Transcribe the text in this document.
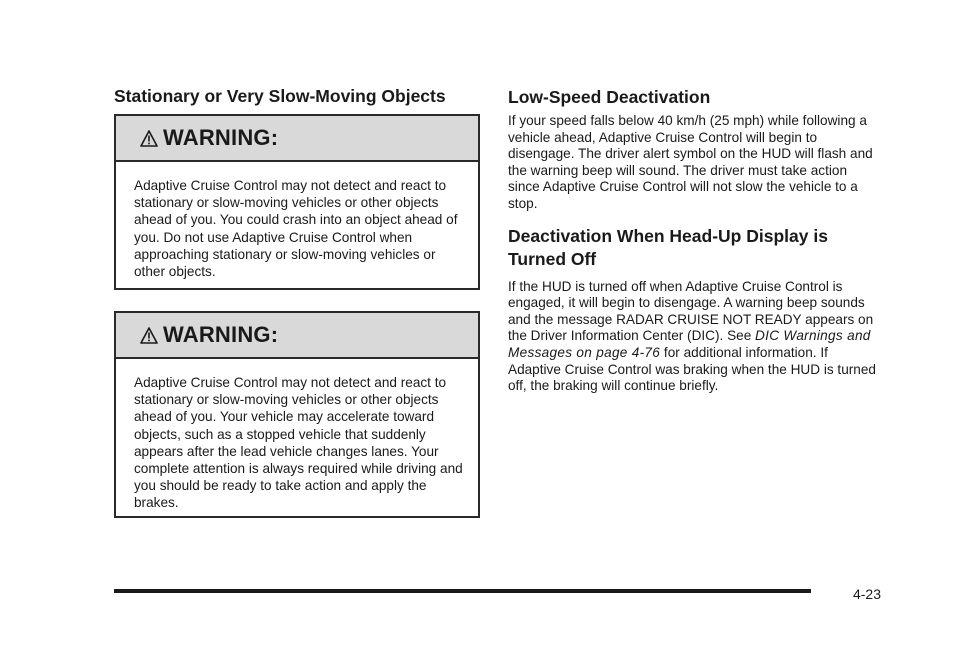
Stationary or Very Slow-Moving Objects
WARNING:
Adaptive Cruise Control may not detect and react to stationary or slow-moving vehicles or other objects ahead of you. You could crash into an object ahead of you. Do not use Adaptive Cruise Control when approaching stationary or slow-moving vehicles or other objects.
WARNING:
Adaptive Cruise Control may not detect and react to stationary or slow-moving vehicles or other objects ahead of you. Your vehicle may accelerate toward objects, such as a stopped vehicle that suddenly appears after the lead vehicle changes lanes. Your complete attention is always required while driving and you should be ready to take action and apply the brakes.
Low-Speed Deactivation

If your speed falls below 40 km/h (25 mph) while following a vehicle ahead, Adaptive Cruise Control will begin to disengage. The driver alert symbol on the HUD will flash and the warning beep will sound. The driver must take action since Adaptive Cruise Control will not slow the vehicle to a stop.

Deactivation When Head-Up Display is
Turned Off

If the HUD is turned off when Adaptive Cruise Control is engaged, it will begin to disengage. A warning beep sounds and the message RADAR CRUISE NOT READY appears on the Driver Information Center (DIC). See DIC Warnings and Messages on page 4-76 for additional information. If Adaptive Cruise Control was braking when the HUD is turned off, the braking will continue briefly.

4-23
